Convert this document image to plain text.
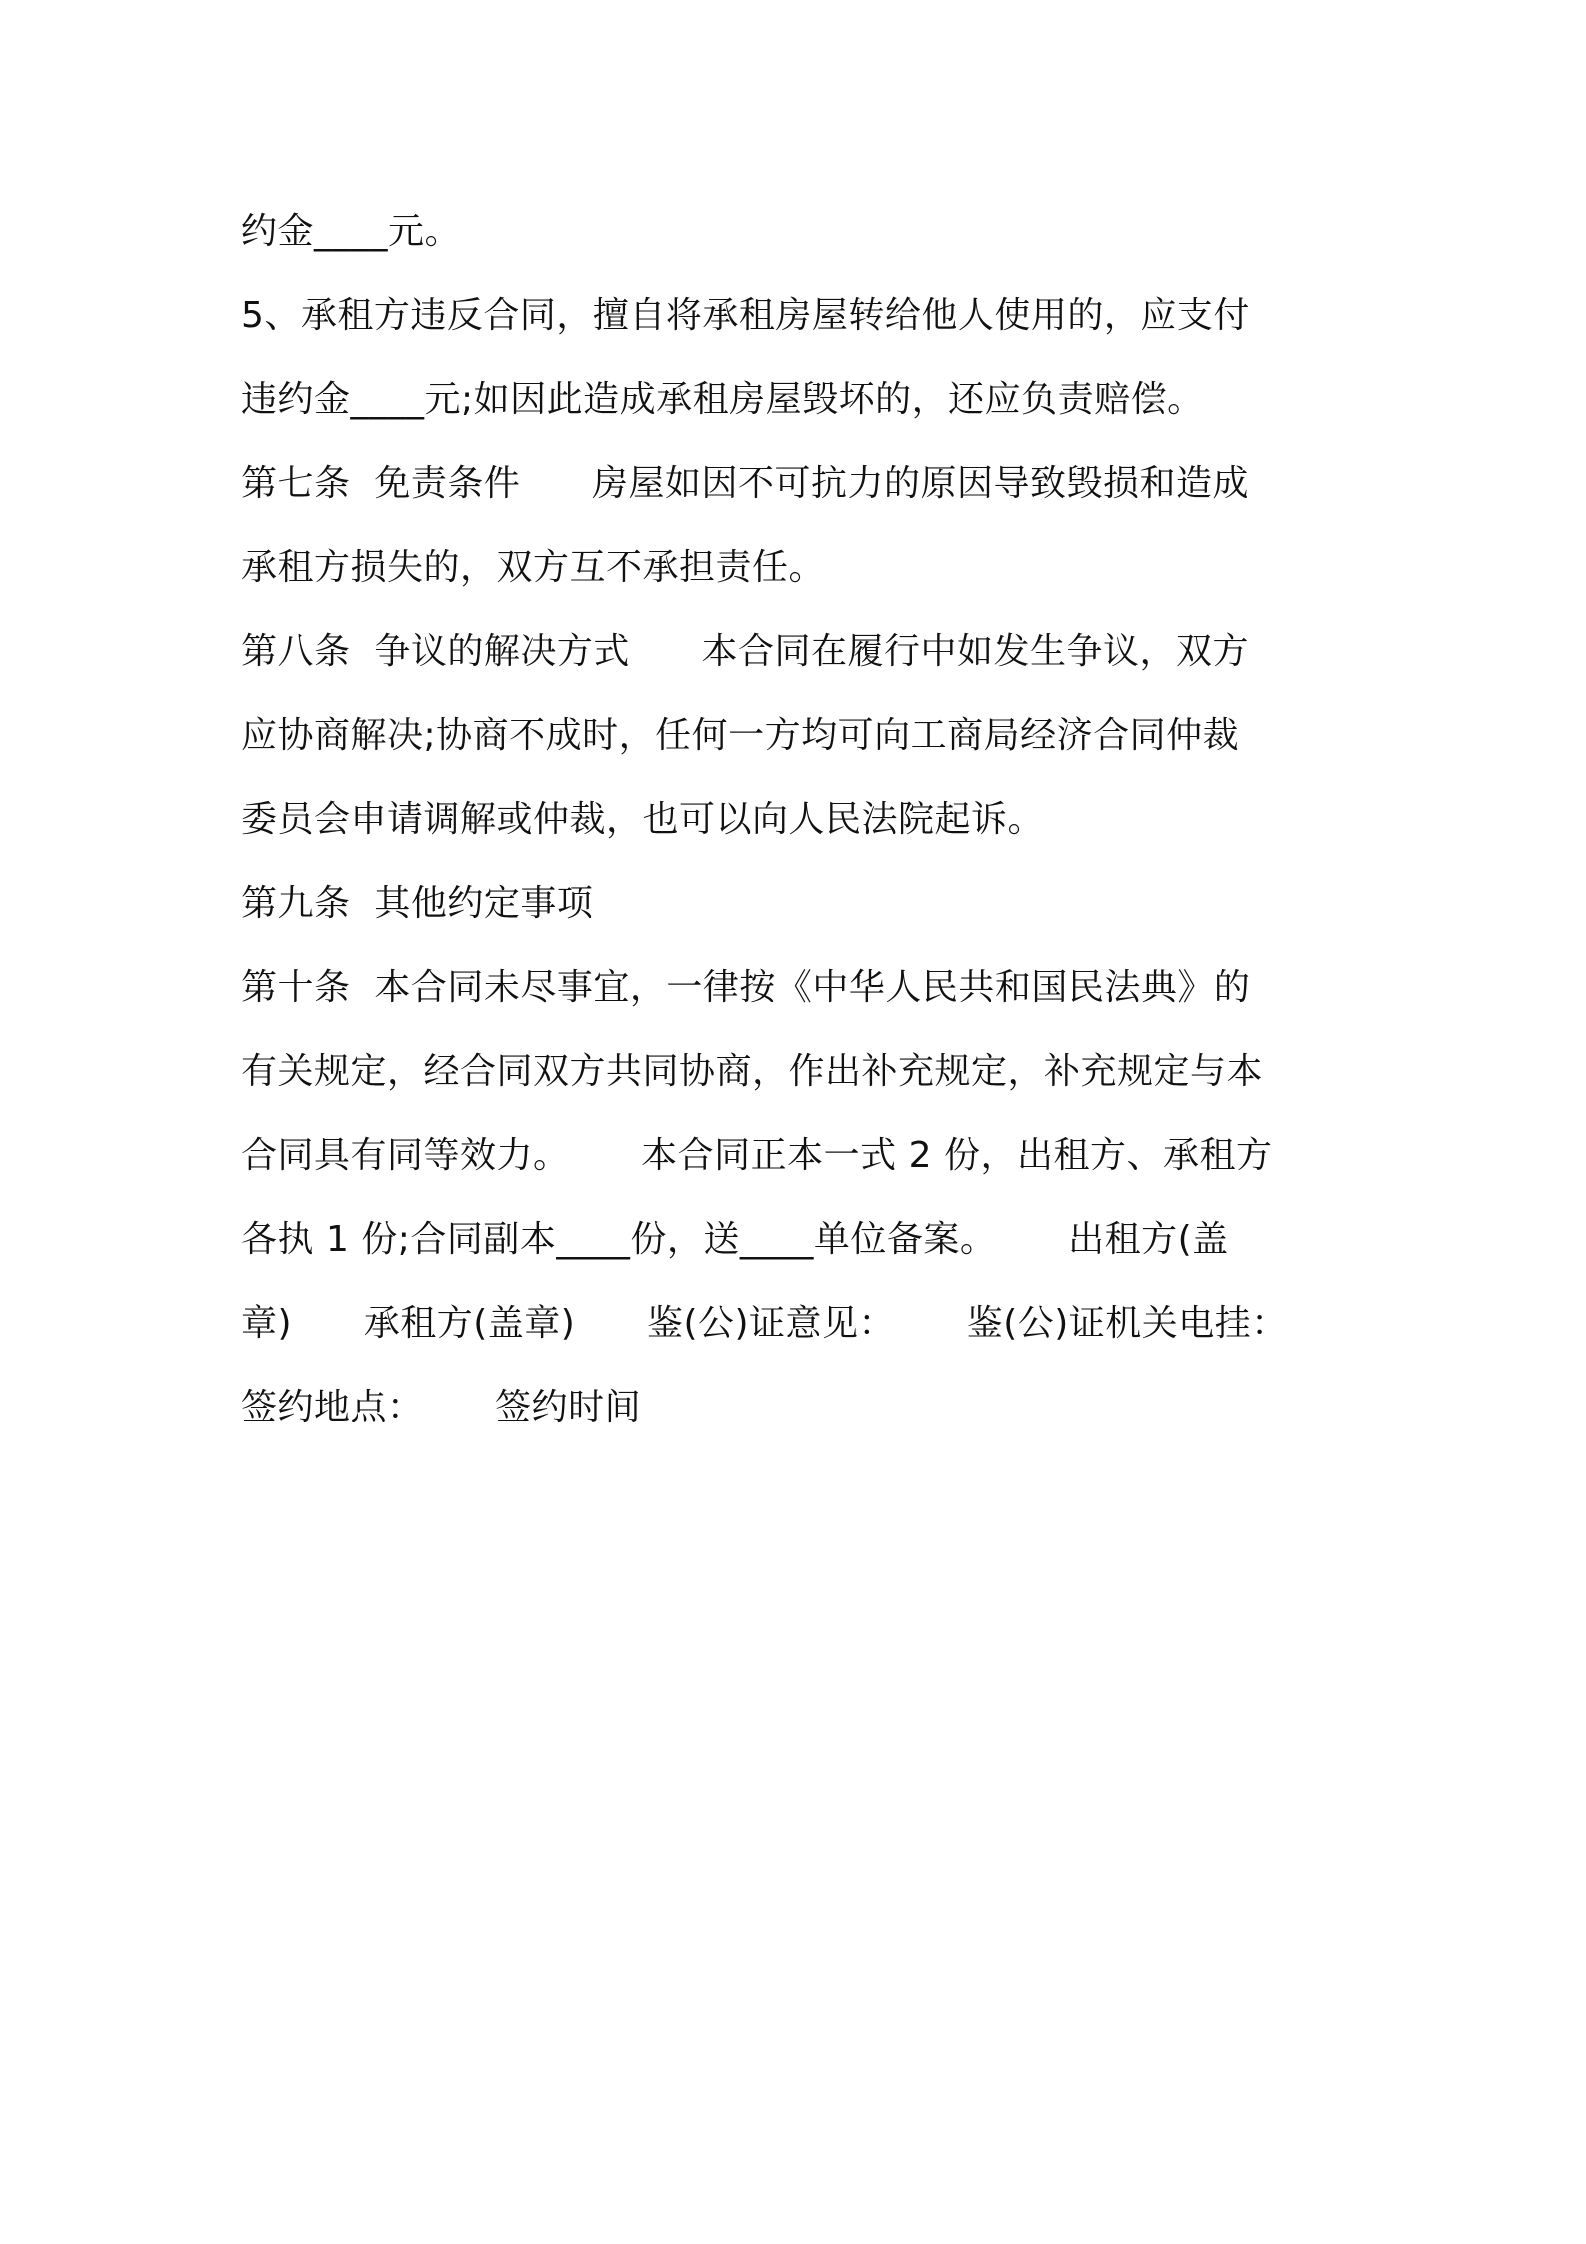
约金____元。
5、承租方违反合同，擅自将承租房屋转给他人使用的，应支付
违约金____元;如因此造成承租房屋毁坏的，还应负责赔偿。
第七条  免责条件      房屋如因不可抗力的原因导致毁损和造成
承租方损失的，双方互不承担责任。
第八条  争议的解决方式      本合同在履行中如发生争议，双方
应协商解决;协商不成时，任何一方均可向工商局经济合同仲裁
委员会申请调解或仲裁，也可以向人民法院起诉。
第九条  其他约定事项
第十条  本合同未尽事宜，一律按《中华人民共和国民法典》的
有关规定，经合同双方共同协商，作出补充规定，补充规定与本
合同具有同等效力。      本合同正本一式 2 份，出租方、承租方
各执 1 份;合同副本____份，送____单位备案。      出租方(盖
章)      承租方(盖章)      鉴(公)证意见：      鉴(公)证机关电挂：
签约地点：      签约时间
